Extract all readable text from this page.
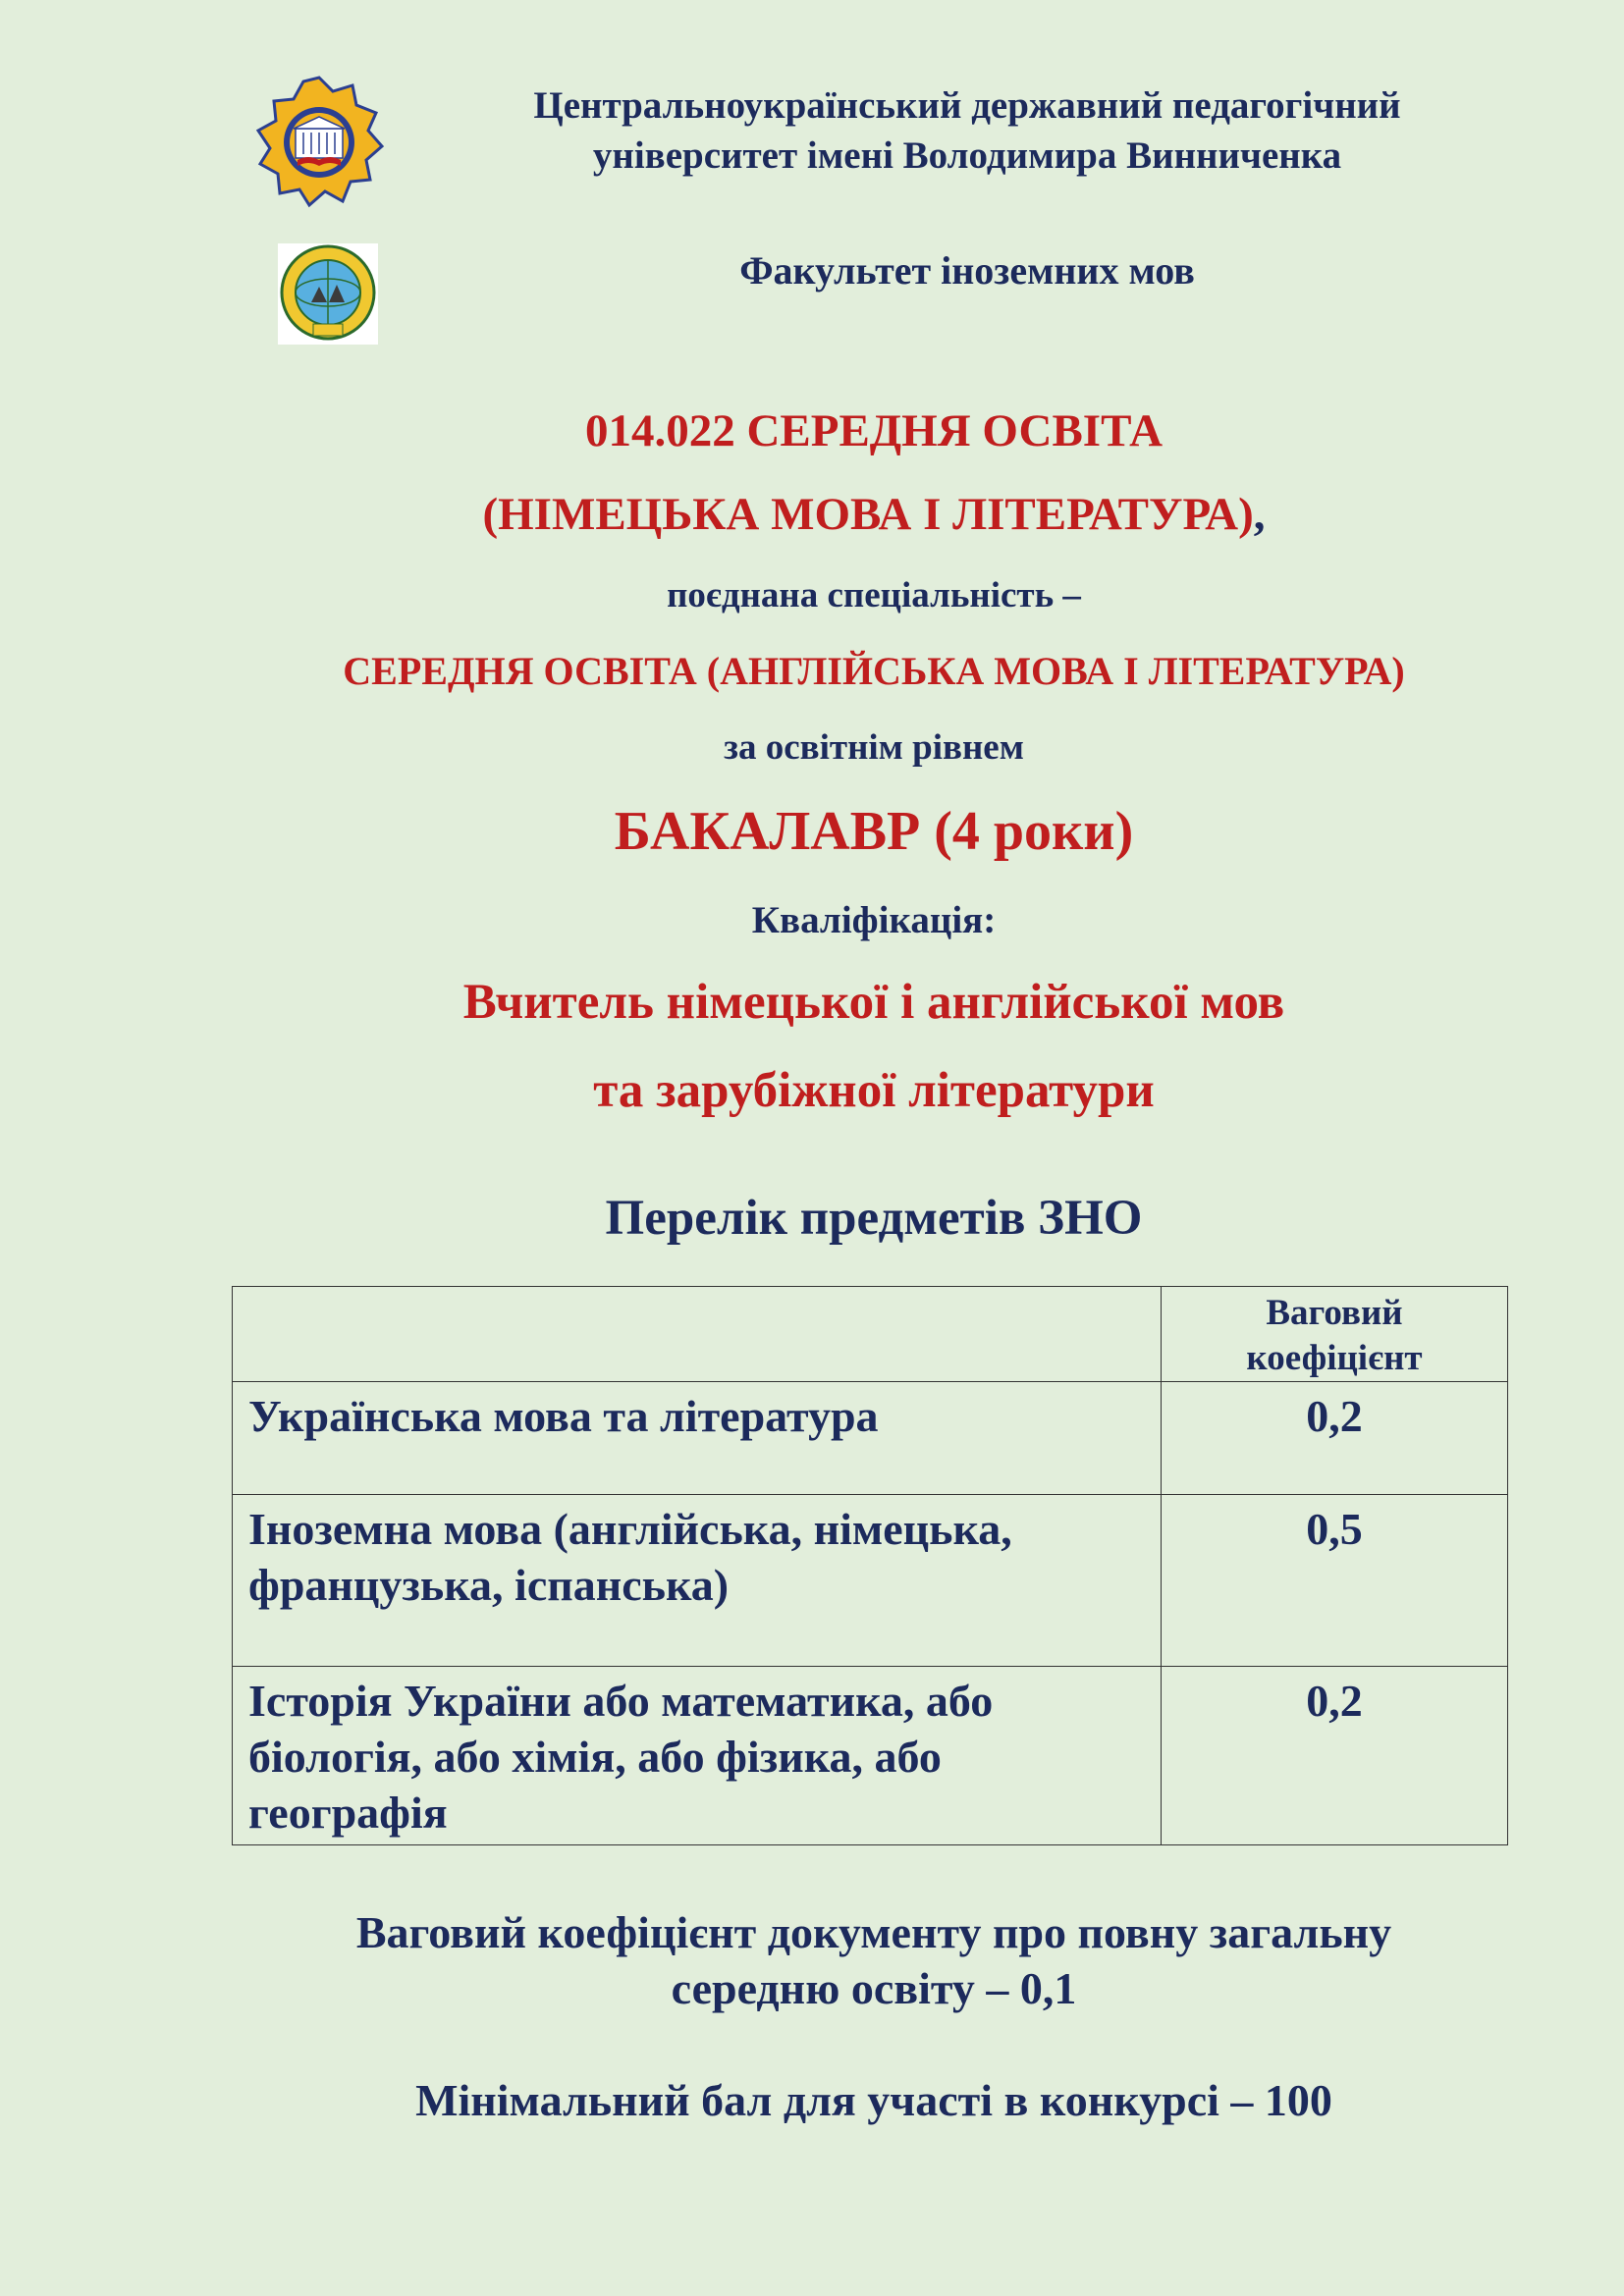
Центральноукраїнський державний педагогічний
університет імені Володимира Винниченка
Факультет іноземних мов
014.022 СЕРЕДНЯ ОСВІТА
(НІМЕЦЬКА МОВА І ЛІТЕРАТУРА),
поєднана спеціальність –
СЕРЕДНЯ ОСВІТА (АНГЛІЙСЬКА МОВА І ЛІТЕРАТУРА)
за освітнім рівнем
БАКАЛАВР (4 роки)
Кваліфікація:
Вчитель німецької і англійської мов
та зарубіжної літератури
Перелік предметів ЗНО

	Ваговий
коефіцієнт

Українська мова та література	0,2

Іноземна мова (англійська, німецька,
французька, іспанська)	0,5

Історія України або математика, або
біологія, або хімія, або фізика, або
географія	0,2
Ваговий коефіцієнт документу про повну загальну
середню освіту – 0,1
Мінімальний бал для участі в конкурсі – 100
